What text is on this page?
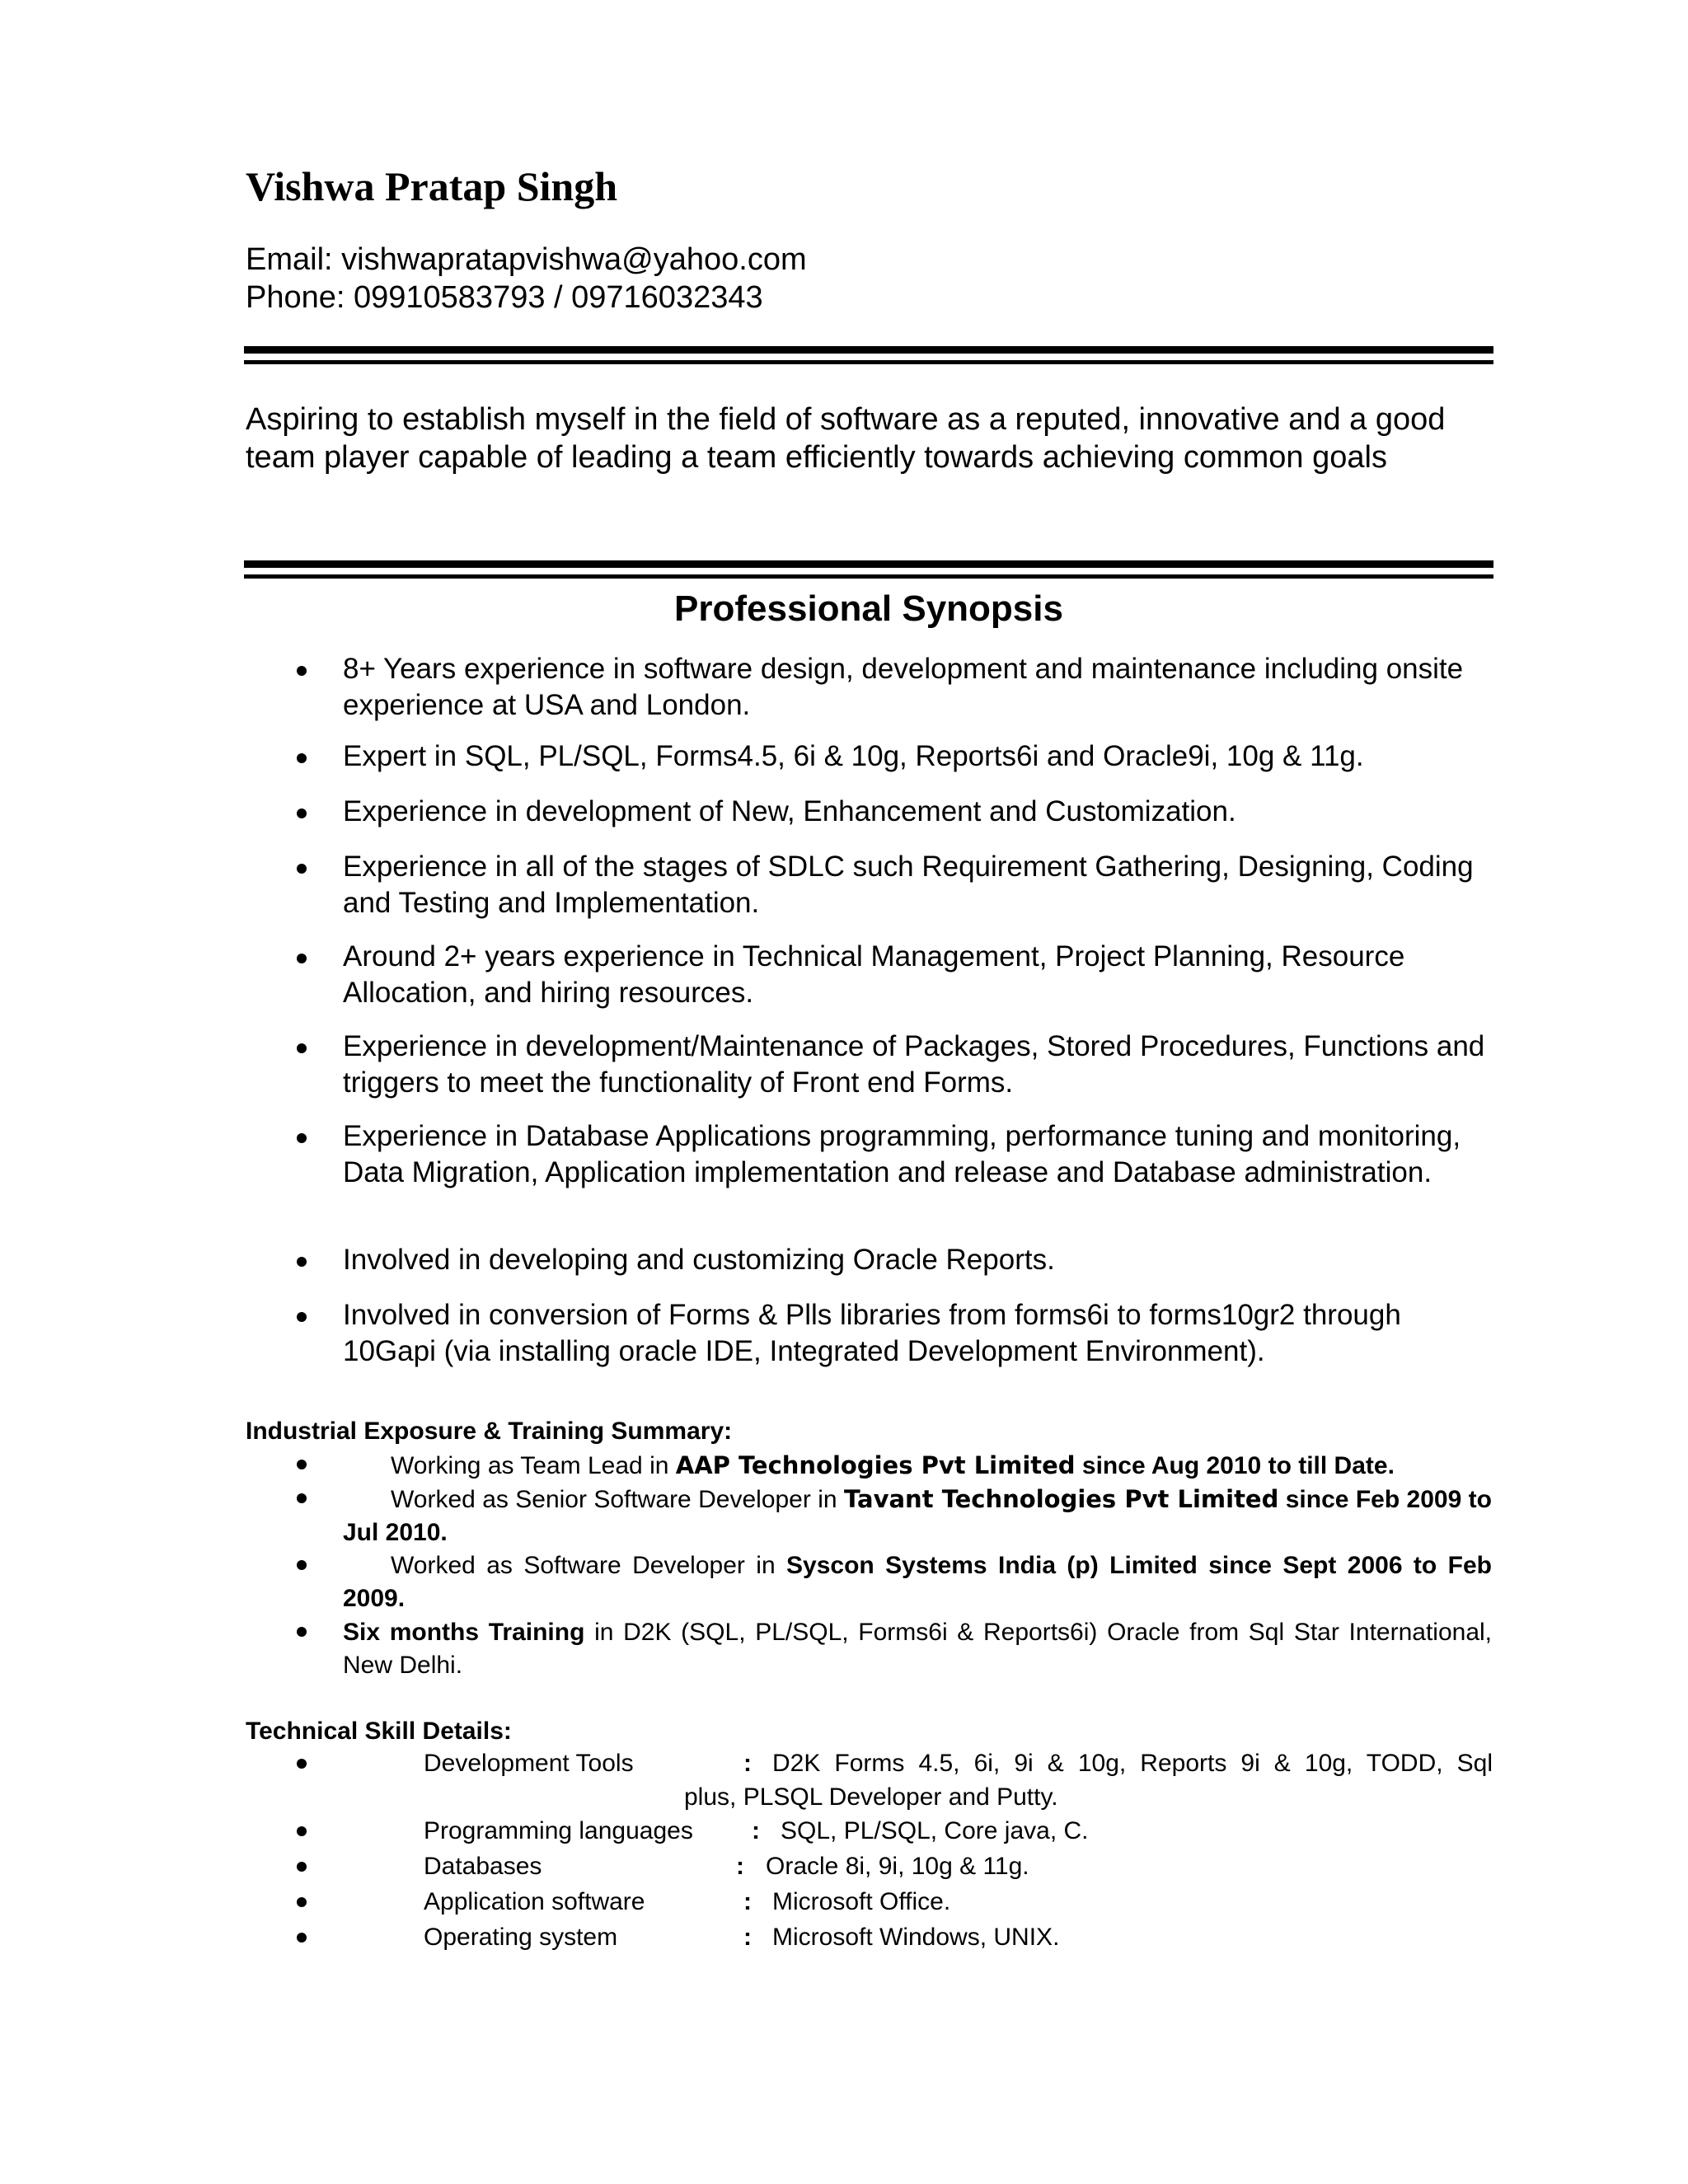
Vishwa Pratap Singh
Email: vishwapratapvishwa@yahoo.com
Phone: 09910583793 / 09716032343
Aspiring to establish myself in the field of software as a reputed, innovative and a good team player capable of leading a team efficiently towards achieving common goals
Professional Synopsis
8+ Years experience in software design, development and maintenance including onsite experience at USA and London.
Expert in SQL, PL/SQL, Forms4.5, 6i & 10g, Reports6i and Oracle9i, 10g & 11g.
Experience in development of New, Enhancement and Customization.
Experience in all of the stages of SDLC such Requirement Gathering, Designing, Coding and Testing and Implementation.
Around 2+ years experience in Technical Management, Project Planning, Resource Allocation, and hiring resources.
Experience in development/Maintenance of Packages, Stored Procedures, Functions and triggers to meet the functionality of Front end Forms.
Experience in Database Applications programming, performance tuning and monitoring, Data Migration, Application implementation and release and Database administration.
Involved in developing and customizing Oracle Reports.
Involved in conversion of Forms & Plls libraries from forms6i to forms10gr2 through 10Gapi (via installing oracle IDE, Integrated Development Environment).
Industrial Exposure & Training Summary:
Working as Team Lead in AAP Technologies Pvt Limited since Aug 2010 to till Date.
Worked as Senior Software Developer in Tavant Technologies Pvt Limited since Feb 2009 to Jul 2010.
Worked as Software Developer in Syscon Systems India (p) Limited since Sept 2006 to Feb 2009.
Six months Training in D2K (SQL, PL/SQL, Forms6i & Reports6i) Oracle from Sql Star International, New Delhi.
Technical Skill Details:
Development Tools	: D2K Forms 4.5, 6i, 9i & 10g, Reports 9i & 10g, TODD, Sql
plus, PLSQL Developer and Putty.
Programming languages : SQL, PL/SQL, Core java, C.
Databases	: Oracle 8i, 9i, 10g & 11g.
Application software	: Microsoft Office.
Operating system	: Microsoft Windows, UNIX.
